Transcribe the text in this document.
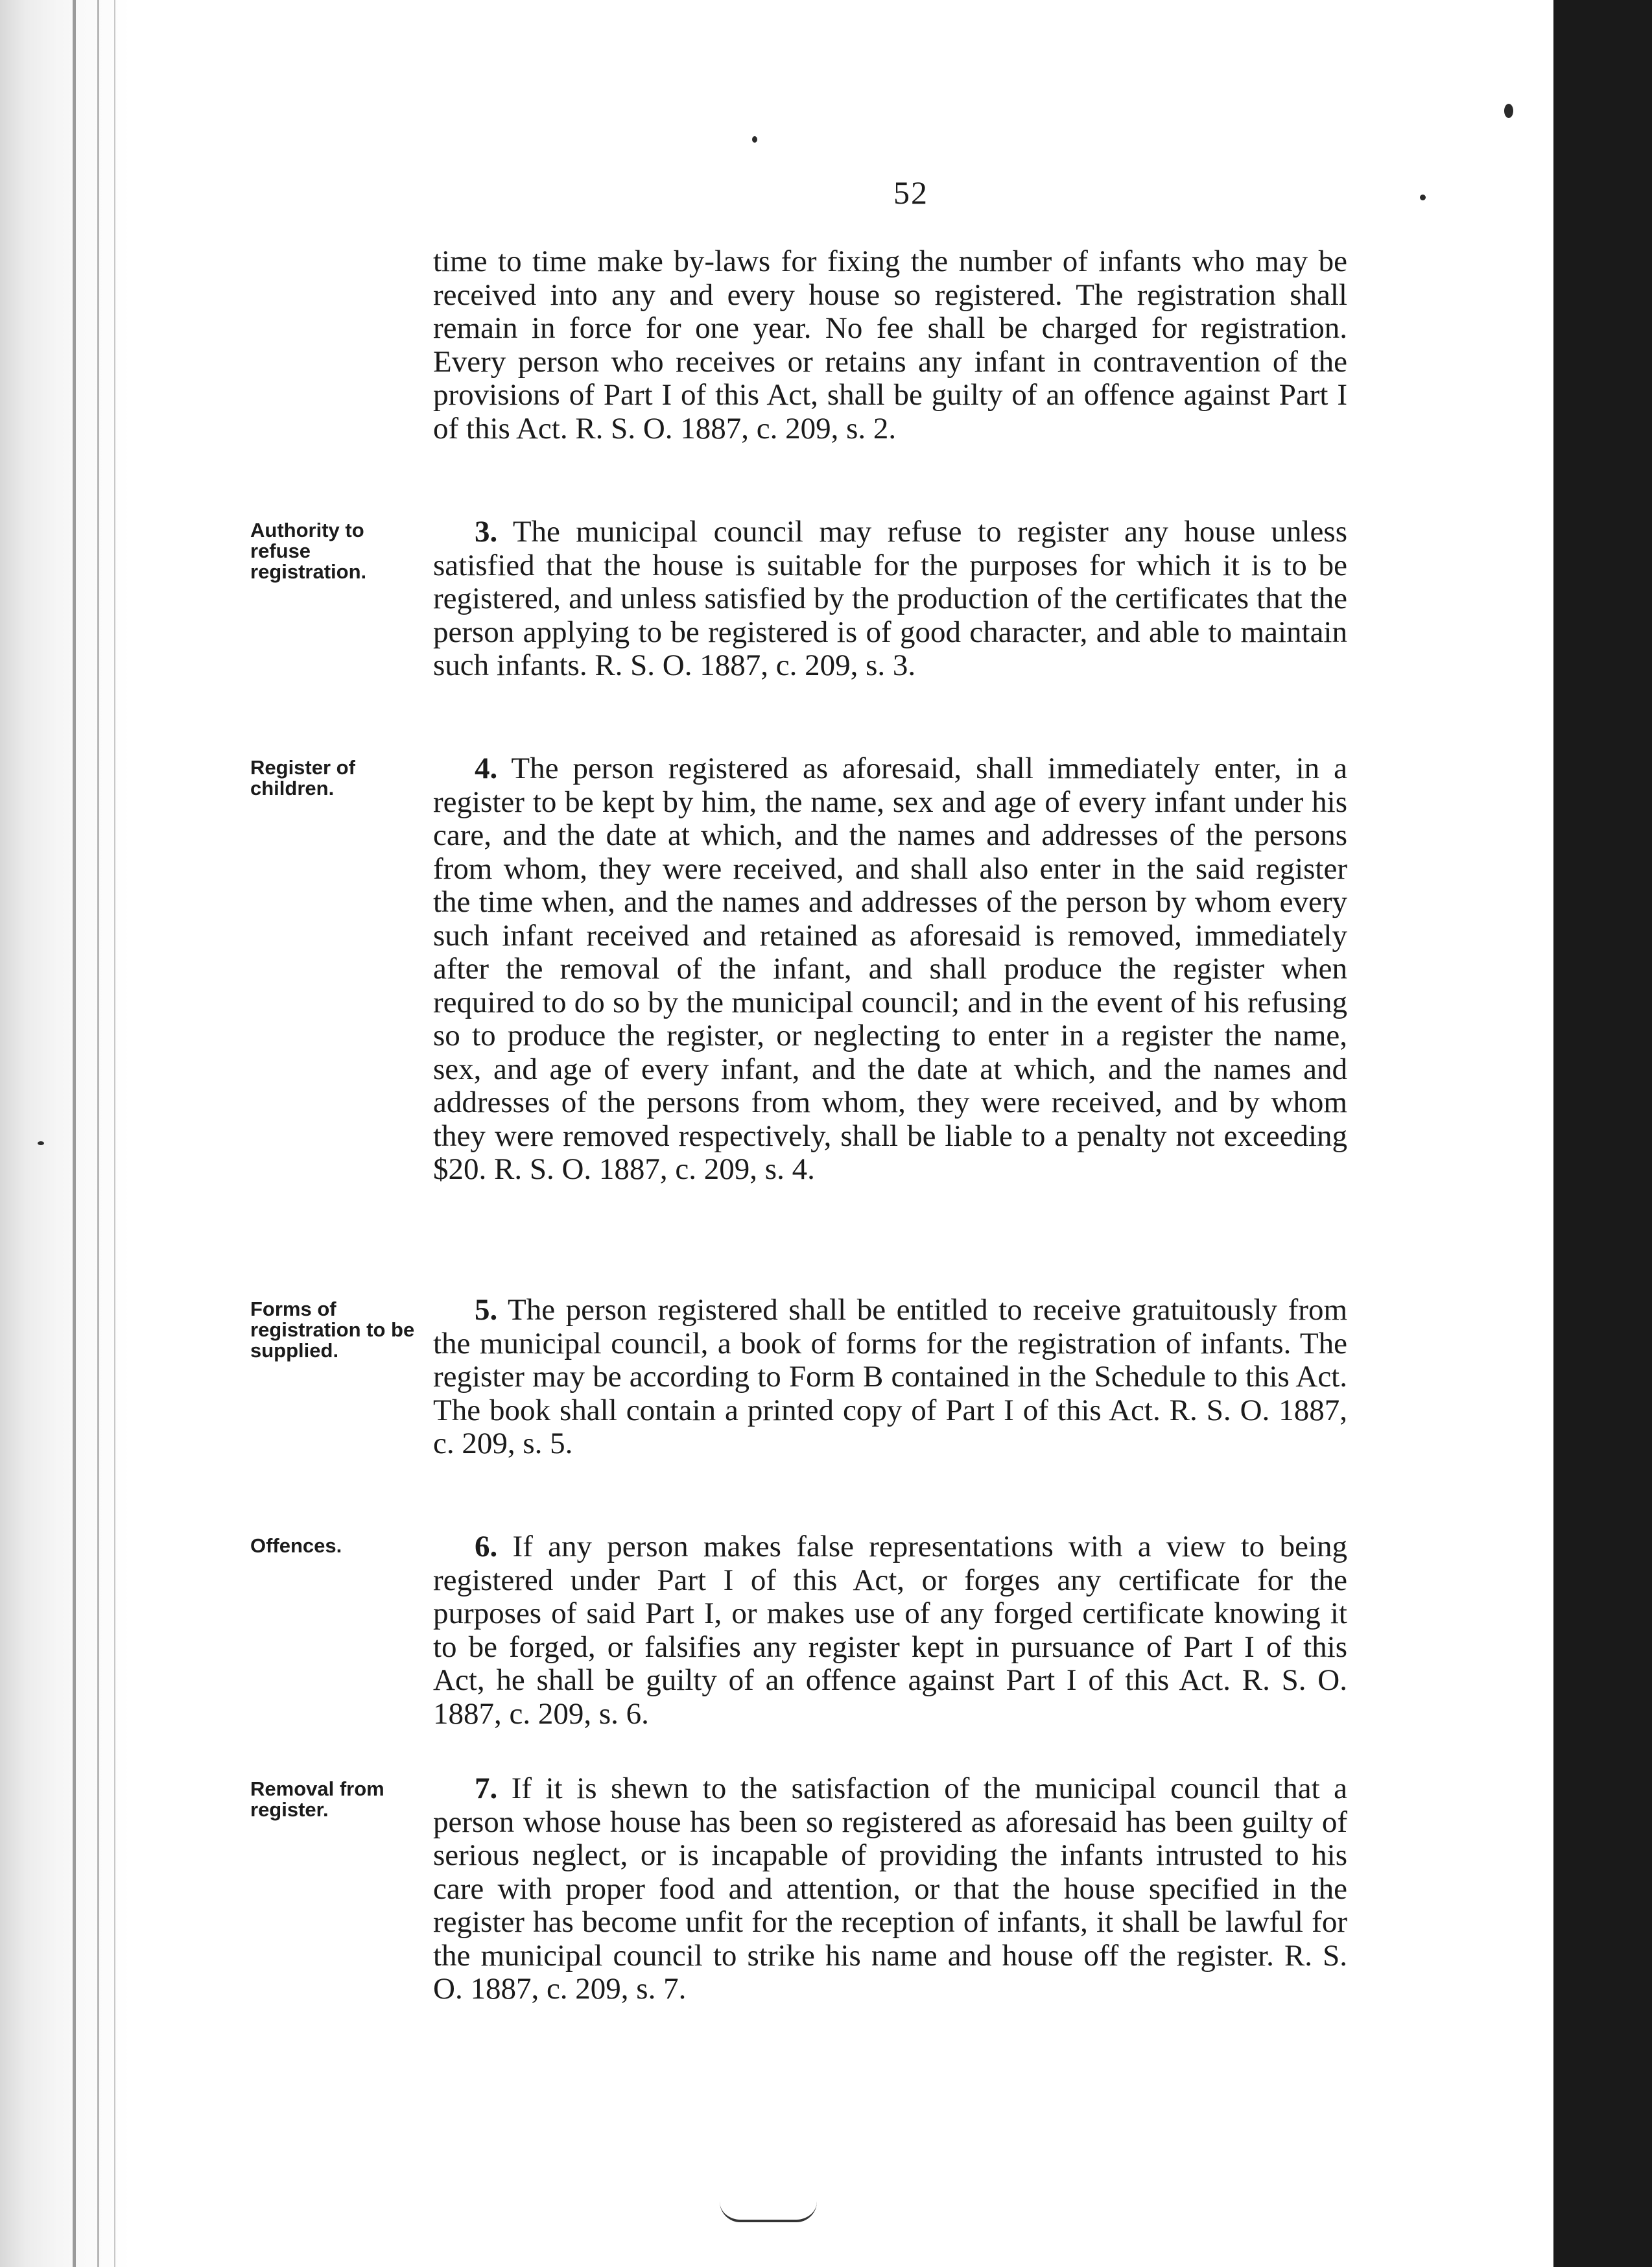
52
time to time make by-laws for fixing the number of infants who may be received into any and every house so registered. The registration shall remain in force for one year. No fee shall be charged for registration. Every person who receives or retains any infant in contravention of the provisions of Part I of this Act, shall be guilty of an offence against Part I of this Act. R. S. O. 1887, c. 209, s. 2.
Authority to refuse registration.
3. The municipal council may refuse to register any house unless satisfied that the house is suitable for the purposes for which it is to be registered, and unless satisfied by the production of the certificates that the person applying to be registered is of good character, and able to maintain such infants. R. S. O. 1887, c. 209, s. 3.
Register of children.
4. The person registered as aforesaid, shall immediately enter, in a register to be kept by him, the name, sex and age of every infant under his care, and the date at which, and the names and addresses of the persons from whom, they were received, and shall also enter in the said register the time when, and the names and addresses of the person by whom every such infant received and retained as aforesaid is removed, immediately after the removal of the infant, and shall produce the register when required to do so by the municipal council; and in the event of his refusing so to produce the register, or neglecting to enter in a register the name, sex, and age of every infant, and the date at which, and the names and addresses of the persons from whom, they were received, and by whom they were removed respectively, shall be liable to a penalty not exceeding $20. R. S. O. 1887, c. 209, s. 4.
Forms of registration to be supplied.
5. The person registered shall be entitled to receive gratuitously from the municipal council, a book of forms for the registration of infants. The register may be according to Form B contained in the Schedule to this Act. The book shall contain a printed copy of Part I of this Act. R. S. O. 1887, c. 209, s. 5.
Offences.	6. If any person makes false representations with a view to being registered under Part I of this Act, or forges any certificate for the purposes of said Part I, or makes use of any forged certificate knowing it to be forged, or falsifies any register kept in pursuance of Part I of this Act, he shall be guilty of an offence against Part I of this Act. R. S. O. 1887, c. 209, s. 6.
Removal from register.
7. If it is shewn to the satisfaction of the municipal council that a person whose house has been so registered as aforesaid has been guilty of serious neglect, or is incapable of providing the infants intrusted to his care with proper food and attention, or that the house specified in the register has become unfit for the reception of infants, it shall be lawful for the municipal council to strike his name and house off the register. R. S. O. 1887, c. 209, s. 7.
